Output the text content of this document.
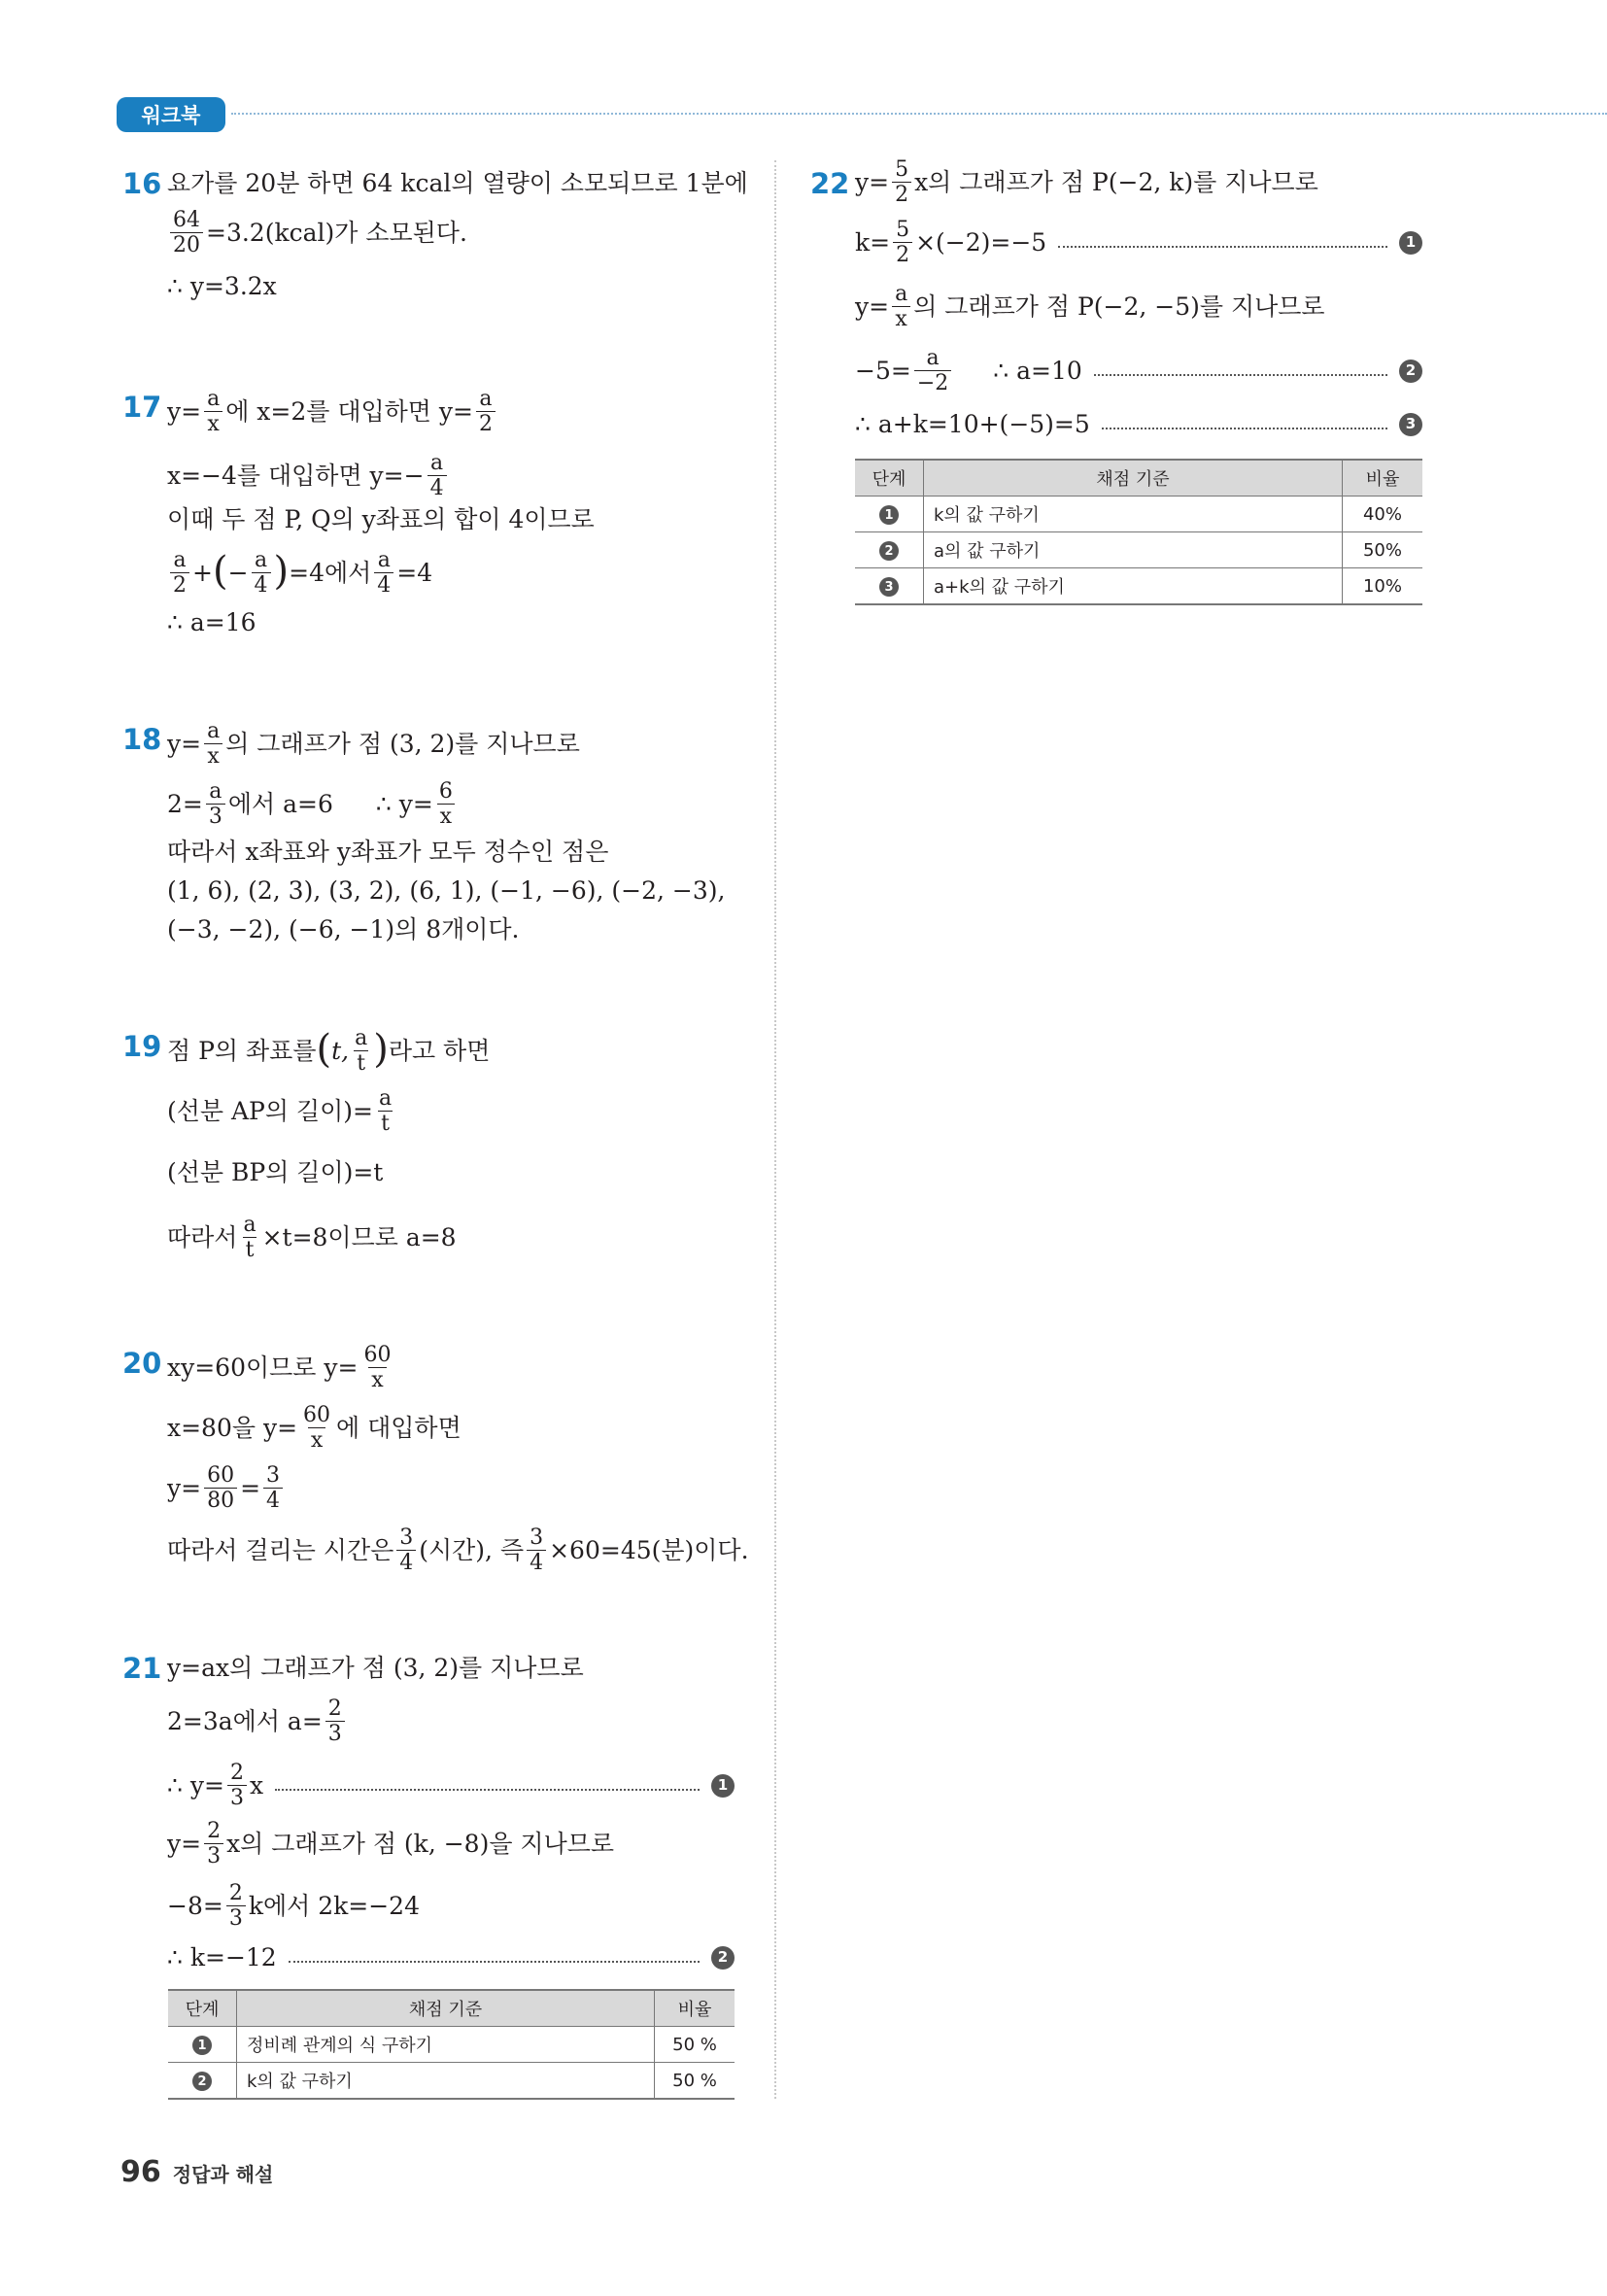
워크북
16 요가를 20분 하면 64 kcal의 열량이 소모되므로 1분에
$\frac{64}{20}$ =3.2(kcal)가 소모된다.
∴ y=3.2x
17 $y= \frac{a}{x}$ 에 x=2를 대입하면 $y= \frac{a}{2}$
x=−4를 대입하면 $y=- \frac{a}{4}$
이때 두 점 P, Q의 y좌표의 합이 4이므로
$\frac{a}{2}$ + ( − $\frac{a}{4}$ ) =4에서 $\frac{a}{4} =4$
∴ a=16
18 $y= \frac{a}{x}$ 의 그래프가 점 (3, 2)를 지나므로
$2= \frac{a}{3}$ 에서 a=6 ∴ $y= \frac{6}{x}$
따라서 x좌표와 y좌표가 모두 정수인 점은
(1, 6), (2, 3), (3, 2), (6, 1), (−1, −6), (−2, −3),
(−3, −2), (−6, −1)의 8개이다.
19 점 P의 좌표를 ( t, $\frac{a}{t}$ ) 라고 하면
(선분 AP의 길이)= $\frac{a}{t}$
(선분 BP의 길이)=t
따라서 $\frac{a}{t} \times t=8$이므로 a=8
20 xy=60이므로 $y= \frac{60}{x}$
x=80을 $y= \frac{60}{x}$ 에 대입하면
$y= \frac{60}{80} = \frac{3}{4}$
따라서 걸리는 시간은 $\frac{3}{4}$ (시간), 즉 $\frac{3}{4} \times 60=45$(분)이다.
21 y=ax의 그래프가 점 (3, 2)를 지나므로
2=3a에서 $a= \frac{2}{3}$
∴ $y= \frac{2}{3}$ x	1
$y= \frac{2}{3}$ x의 그래프가 점 (k, −8)을 지나므로
$-8= \frac{2}{3}$ k에서 2k=−24
∴ k=−12	2
단계	채점 기준	비율
1	정비례 관계의 식 구하기	50 %
2	k의 값 구하기	50 %
22 $y= \frac{5}{2}$ x의 그래프가 점 P(−2, k)를 지나므로
$k= \frac{5}{2} \times(-2)=-5$	1
$y= \frac{a}{x}$ 의 그래프가 점 P(−2, −5)를 지나므로
$-5= \frac{a}{-2}$ ∴ a=10	2
∴ a+k=10+(−5)=5	3
단계	채점 기준	비율
1	k의 값 구하기	40%
2	a의 값 구하기	50%
3	a+k의 값 구하기	10%
96 정답과 해설
